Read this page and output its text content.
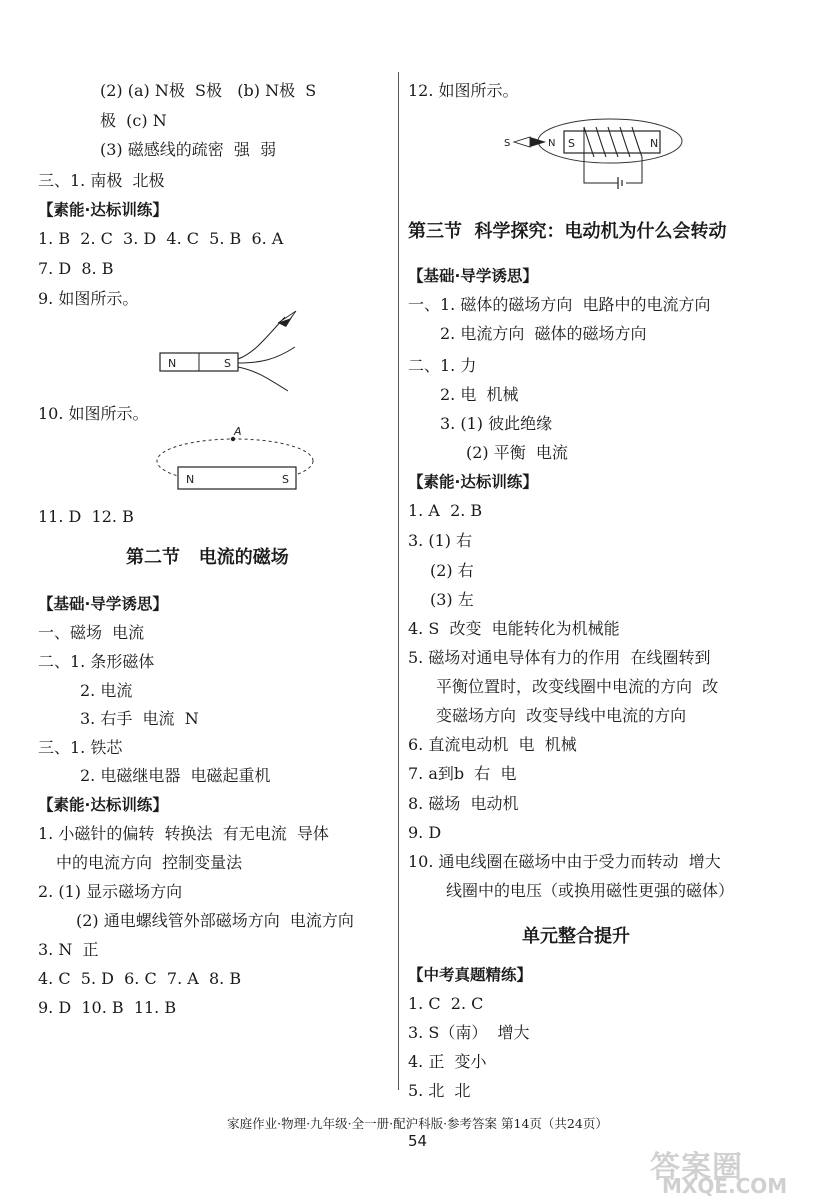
(2) (a) N极  S极   (b) N极  S
极  (c) N
(3) 磁感线的疏密  强  弱
三、1. 南极  北极
【素能·达标训练】
1. B  2. C  3. D  4. C  5. B  6. A
7. D  8. B
9. 如图所示。
N	S
10. 如图所示。
N	S
A
11. D  12. B
第二节   电流的磁场
【基础·导学诱思】
一、磁场  电流
二、1. 条形磁体
2. 电流
3. 右手  电流  N
三、1. 铁芯
2. 电磁继电器  电磁起重机
【素能·达标训练】
1. 小磁针的偏转  转换法  有无电流  导体
中的电流方向  控制变量法
2. (1) 显示磁场方向
(2) 通电螺线管外部磁场方向  电流方向
3. N  正
4. C  5. D  6. C  7. A  8. B
9. D  10. B  11. B
12. 如图所示。
S	N
S	N
第三节  科学探究：电动机为什么会转动
【基础·导学诱思】
一、1. 磁体的磁场方向  电路中的电流方向
2. 电流方向  磁体的磁场方向
二、1. 力
2. 电  机械
3. (1) 彼此绝缘
(2) 平衡  电流
【素能·达标训练】
1. A  2. B
3. (1) 右
(2) 右
(3) 左
4. S  改变  电能转化为机械能
5. 磁场对通电导体有力的作用  在线圈转到
平衡位置时，改变线圈中电流的方向  改
变磁场方向  改变导线中电流的方向
6. 直流电动机  电  机械
7. a到b  右  电
8. 磁场  电动机
9. D
10. 通电线圈在磁场中由于受力而转动  增大
线圈中的电压（或换用磁性更强的磁体）
单元整合提升
【中考真题精练】
1. C  2. C
3. S（南）  增大
4. 正  变小
5. 北  北
家庭作业·物理·九年级·全一册·配沪科版·参考答案 第14页（共24页）
54
答案圈
MXQE.COM
